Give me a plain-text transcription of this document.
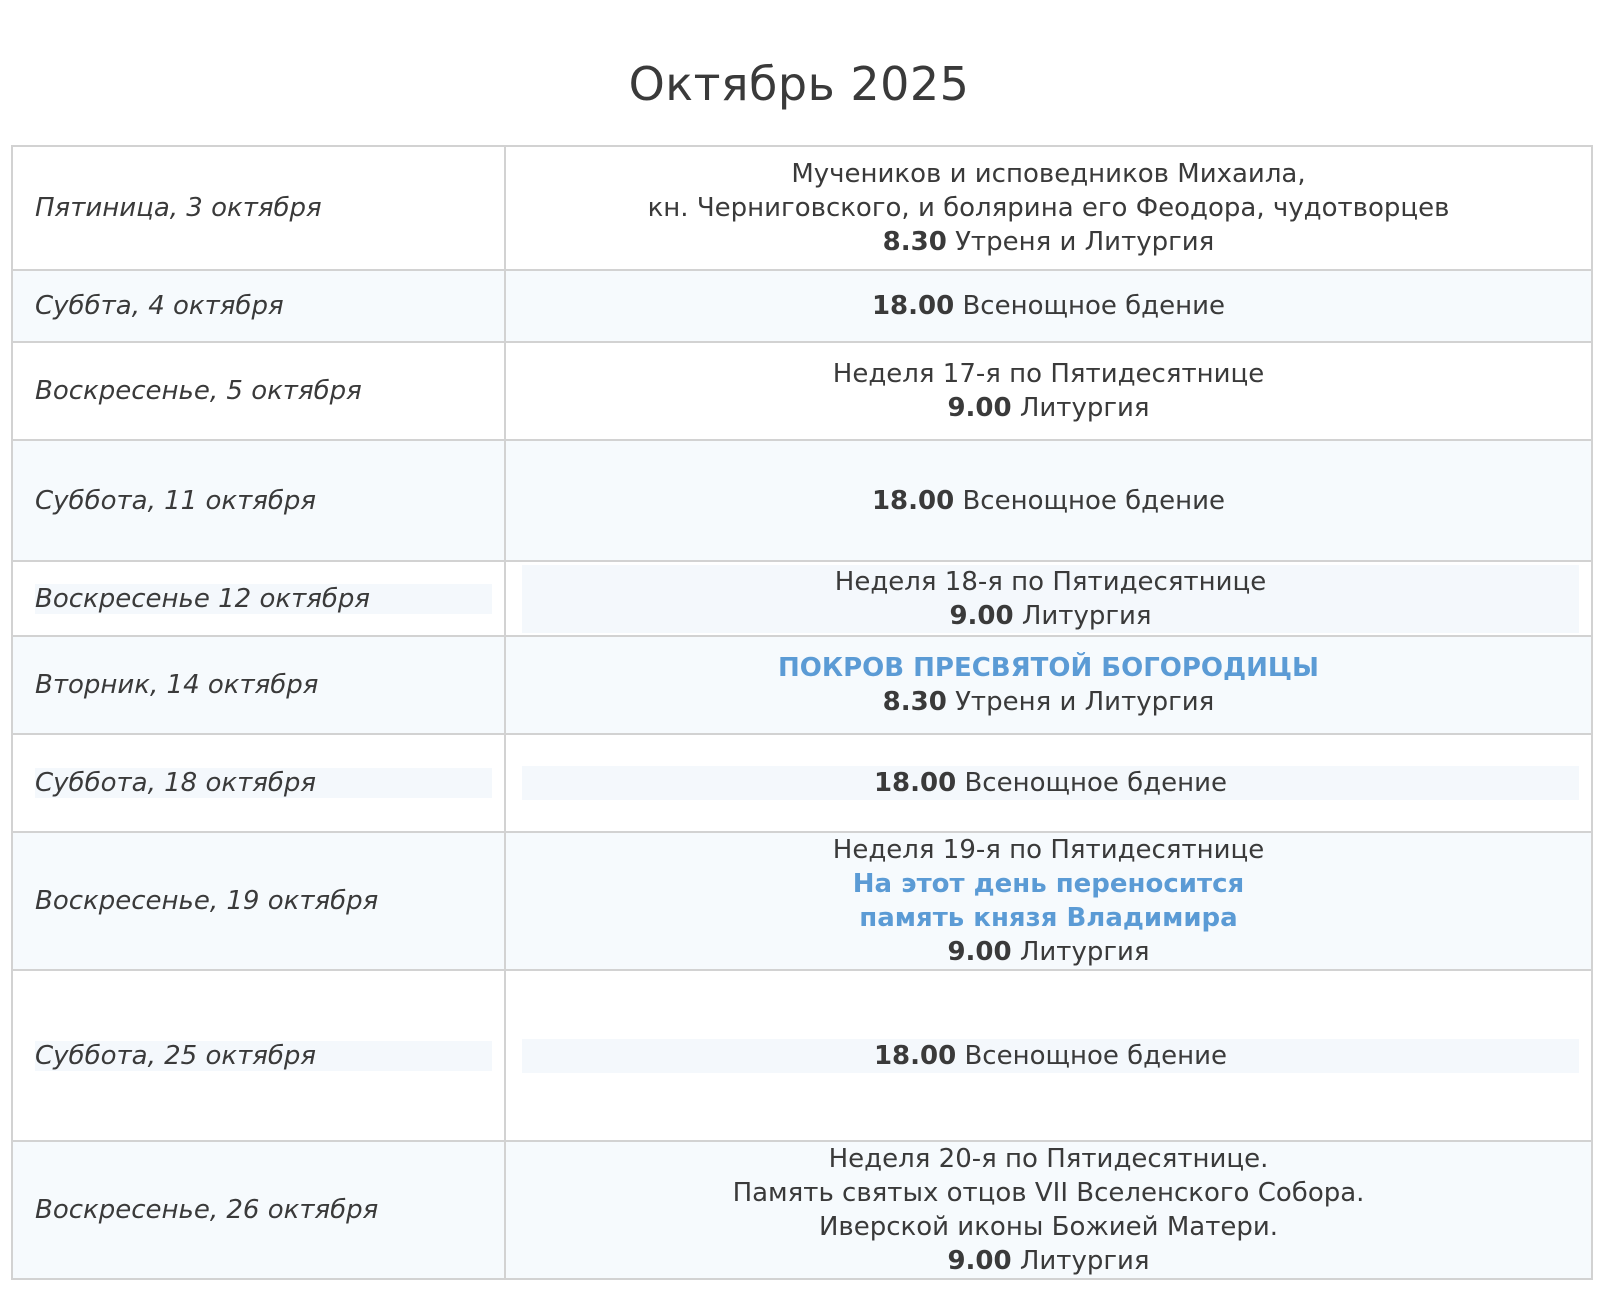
Октябрь 2025
Пятиница, 3 октября	Мучеников и исповедников Михаила,
кн. Черниговского, и болярина его Феодора, чудотворцев
8.30 Утреня и Литургия

Суббта, 4 октября	18.00 Всенощное бдение

Воскресенье, 5 октября	Неделя 17-я по Пятидесятнице
9.00 Литургия

Суббота, 11 октября	18.00 Всенощное бдение

Воскресенье 12 октября	Неделя 18-я по Пятидесятнице
9.00 Литургия

Вторник, 14 октября	ПОКРОВ ПРЕСВЯТОЙ БОГОРОДИЦЫ
8.30 Утреня и Литургия

Суббота, 18 октября	18.00 Всенощное бдение

Воскресенье, 19 октября	Неделя 19-я по Пятидесятнице
На этот день переносится
память князя Владимира
9.00 Литургия

Суббота, 25 октября	18.00 Всенощное бдение

Воскресенье, 26 октября	Неделя 20-я по Пятидесятнице.
Память святых отцов VII Вселенского Собора.
Иверской иконы Божией Матери.
9.00 Литургия
